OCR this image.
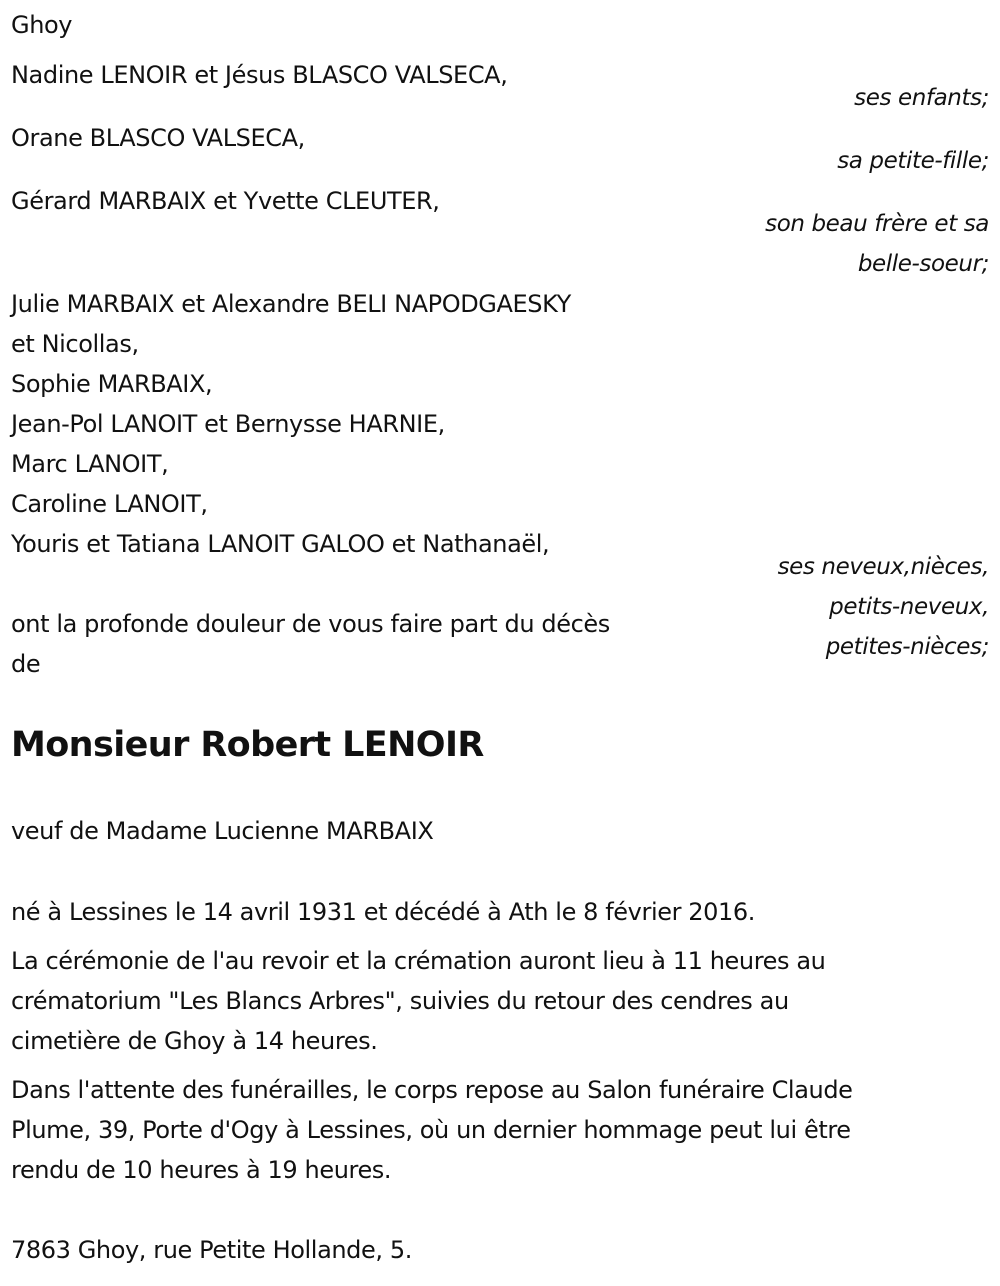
Ghoy
Nadine LENOIR et Jésus BLASCO VALSECA,
ses enfants;
Orane BLASCO VALSECA,
sa petite-fille;
Gérard MARBAIX et Yvette CLEUTER,
son beau frère et sa
belle-soeur;
Julie MARBAIX et Alexandre BELI NAPODGAESKY
et Nicollas,
Sophie MARBAIX,
Jean-Pol LANOIT et Bernysse HARNIE,
Marc LANOIT,
Caroline LANOIT,
Youris et Tatiana LANOIT GALOO et Nathanaël,
ses neveux,nièces,
petits-neveux,
petites-nièces;
ont la profonde douleur de vous faire part du décès
de
Monsieur Robert LENOIR
veuf de Madame Lucienne MARBAIX
né à Lessines le 14 avril 1931 et décédé à Ath le 8 février 2016.
La cérémonie de l'au revoir et la crémation auront lieu à 11 heures au
crématorium "Les Blancs Arbres", suivies du retour des cendres au
cimetière de Ghoy à 14 heures.
Dans l'attente des funérailles, le corps repose au Salon funéraire Claude
Plume, 39, Porte d'Ogy à Lessines, où un dernier hommage peut lui être
rendu de 10 heures à 19 heures.
7863 Ghoy, rue Petite Hollande, 5.
